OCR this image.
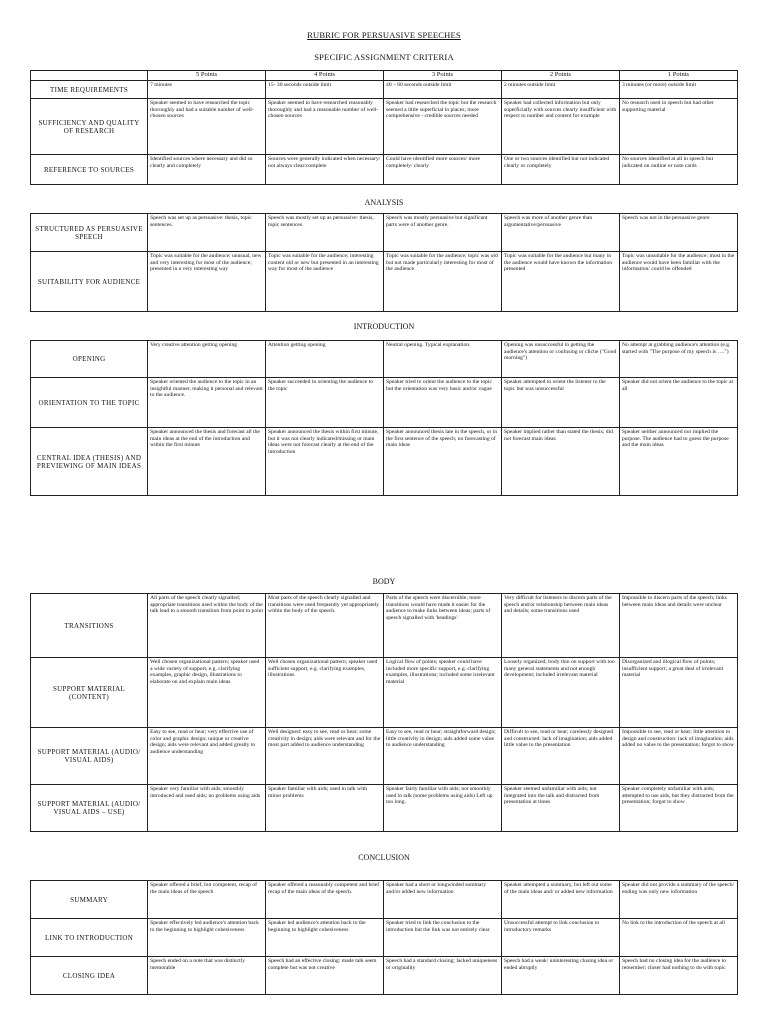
RUBRIC FOR PERSUASIVE SPEECHES
SPECIFIC ASSIGNMENT CRITERIA
	5 Points	4 Points	3 Points	2 Points	1 Points
TIME REQUIREMENTS	7 minutes	15- 30 seconds outside limit	40 – 60 seconds outside limit	2 minutes outside limit	3 minutes (or more) outside limit
SUFFICIENCY AND QUALITY OF RESEARCH	Speaker seemed to have researched the topic thoroughly and had a suitable number of well-chosen sources	Speaker seemed to have researched reasonably thoroughly and had a reasonable number of well-chosen sources	Speaker had researched the topic but the research seemed a little superficial in places; more comprehensive - credible sources needed	Speaker had collected information but only superficially with sources clearly insufficient with respect to number and content for example	No research used in speech but had other supporting material
REFERENCE TO SOURCES	Identified sources where necessary and did so clearly and completely	Sources were generally indicated when necessary/ not always clear/complete	Could have identified more sources/ more completely/ clearly	One or two sources identified but not indicated clearly or completely	No sources identified at all in speech but indicated on outline or note cards
ANALYSIS
STRUCTURED AS PERSUASIVE SPEECH	Speech was set up as persuasive: thesis, topic sentences.	Speech was mostly set up as persuasive: thesis, topic sentences.	Speech was mostly persuasive but significant parts were of another genre.	Speech was more of another genre than argumentative/persuasive	Speech was not in the persuasive genre
SUITABILITY FOR AUDIENCE	Topic was suitable for the audience; unusual, new and very interesting for most of the audience; presented in a very interesting way	Topic was suitable for the audience; interesting content old or new but presented in an interesting way for most of the audience	Topic was suitable for the audience; topic was old but not made particularly interesting for most of the audience	Topic was suitable for the audience but many in the audience would have known the information presented	Topic was unsuitable for the audience; most in the audience would have been familiar with the information/ could be offended
INTRODUCTION
OPENING	Very creative attention getting opening	Attention getting opening	Neutral opening. Typical explanation.	Opening was unsuccessful in getting the audience's attention or confusing or cliche ("Good morning")	No attempt at grabbing audience's attention (e.g. started with "The purpose of my speech is ….")
ORIENTATION TO THE TOPIC	Speaker oriented the audience to the topic in an insightful manner, making it personal and relevant to the audience.	Speaker succeeded in orienting the audience to the topic	Speaker tried to orient the audience to the topic but the orientation was very basic and/or vague	Speaker attempted to orient the listener to the topic but was unsuccessful	Speaker did not orient the audience to the topic at all
CENTRAL IDEA (THESIS) AND PREVIEWING OF MAIN IDEAS	Speaker announced the thesis and forecast all the main ideas at the end of the introduction and within the first minute	Speaker announced the thesis within first minute, but it was not clearly indicated/missing or main ideas were not forecast clearly at the end of the introduction	Speaker announced thesis late in the speech, or in the first sentence of the speech; no forecasting of main ideas	Speaker implied rather than stated the thesis; did not forecast main ideas	Speaker neither announced nor implied the purpose. The audience had to guess the purpose and the main ideas
BODY
TRANSITIONS	All parts of the speech clearly signalled; appropriate transitions used within the body of the talk lead to a smooth transition from point to point	Most parts of the speech clearly signalled and transitions were used frequently yet appropriately within the body of the speech.	Parts of the speech were discernible; more transitions would have made it easier for the audience to make links between ideas; parts of speech signalled with 'headings'	Very difficult for listeners to discern parts of the speech and/or relationship between main ideas and details; some transitions used	Impossible to discern parts of the speech; links between main ideas and details were unclear
SUPPORT MATERIAL (CONTENT)	Well chosen organizational pattern; speaker used a wide variety of support, e.g. clarifying examples, graphic design, illustrations to elaborate on and explain main ideas	Well chosen organizational pattern; speaker used sufficient support, e.g. clarifying examples, illustrations	Logical flow of points; speaker could have included more specific support, e.g. clarifying examples, illustrations; included some irrelevant material	Loosely organized; body thin on support with too many general statements and not enough development; included irrelevant material	Disorganized and illogical flow of points; insufficient support; a great deal of irrelevant material
SUPPORT MATERIAL (AUDIO/ VISUAL AIDS)	Easy to see, read or hear; very effective use of color and graphic design; unique or creative design; aids were relevant and added greatly to audience understanding	Well designed: easy to see, read or hear; some creativity in design; aids were relevant and for the most part added to audience understanding	Easy to see, read or hear; straightforward design; little creativity in design; aids added some value to audience understanding	Difficult to see, read or hear; carelessly designed and constructed: lack of imagination; aids added little value to the presentation	Impossible to see, read or hear; little attention to design and construction: lack of imagination; aids added no value to the presentation; forgot to show
SUPPORT MATERIAL (AUDIO/ VISUAL AIDS – USE)	Speaker very familiar with aids; smoothly introduced and used aids; no problems using aids	Speaker familiar with aids; used in talk with minor problems	Speaker fairly familiar with aids; not smoothly used in talk (some problems using aids) Left up too long.	Speaker seemed unfamiliar with aids; not integrated into the talk and distracted from presentation at times	Speaker completely unfamiliar with aids; attempted to use aids, but they distracted from the presentation; forgot to show
CONCLUSION
SUMMARY	Speaker offered a brief, but competent, recap of the main ideas of the speech	Speaker offered a reasonably competent and brief recap of the main ideas of the speech.	Speaker had a short or longwinded summary and/or added new information	Speaker attempted a summary, but left out some of the main ideas and/ or added new information	Speaker did not provide a summary of the speech/ ending was only new information
LINK TO INTRODUCTION	Speaker effectively led audience's attention back to the beginning to highlight cohesiveness	Speaker led audience's attention back to the beginning to highlight cohesiveness	Speaker tried to link the conclusion to the introduction but the link was not entirely clear	Unsuccessful attempt to link conclusion to introductory remarks	No link to the introduction of the speech at all
CLOSING IDEA	Speech ended on a note that was distinctly memorable	Speech had an effective closing: made talk seem complete but was not creative	Speech had a standard closing; lacked uniqueness or originality	Speech had a weak/ uninteresting closing idea or ended abruptly	Speech had no closing idea for the audience to remember; closer had nothing to do with topic
